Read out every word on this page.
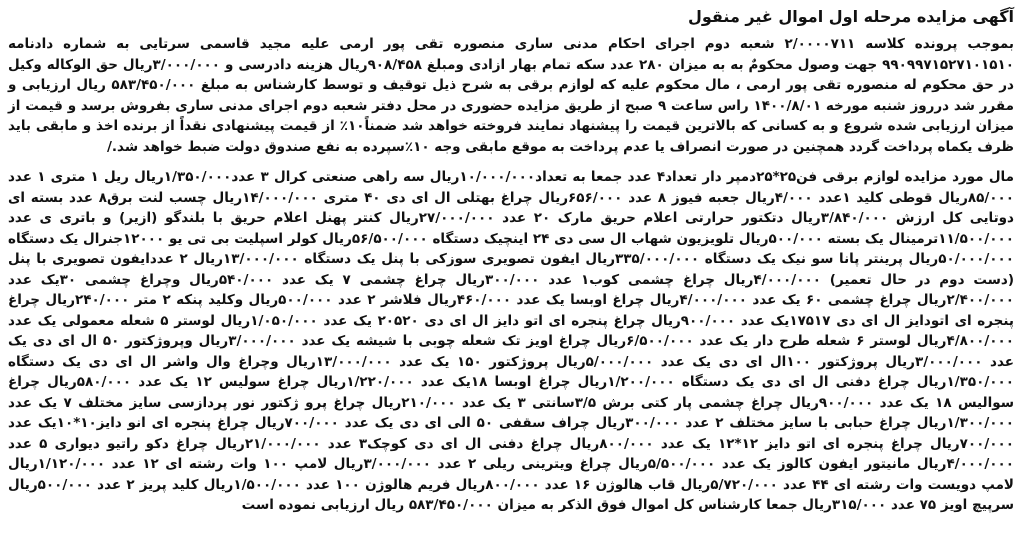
آگهی مزایده مرحله اول اموال غیر منقول

بموجب پرونده کلاسه ۲/۰۰۰۰۷۱۱ شعبه دوم اجرای احکام مدنی ساری منصوره تقی پور ارمی علیه مجید قاسمی سرتایی به شماره دادنامه ۹۹۰۹۹۷۱۵۲۷۱۰۱۵۱۰ جهت وصول محکوم‌ٌ به به میزان ۲۸۰ عدد سکه تمام بهار ازادی ومبلغ ۹۰۸/۴۵۸ریال هزینه دادرسی و ۳/۰۰۰/۰۰۰ریال حق الوکاله وکیل در حق محکوم له منصوره تقی پور ارمی ، مال محکوم علیه که لوازم برقی به شرح ذیل توقیف و توسط کارشناس به مبلغ ۵۸۳/۴۵۰/۰۰۰ ریال ارزیابی و مقرر شد درروز شنبه مورخه ۱۴۰۰/۸/۰۱ راس ساعت ۹ صبح از طریق مزایده حضوری در محل دفتر شعبه دوم اجرای مدنی ساری بفروش برسد و قیمت از میزان ارزیابی شده شروع و به کسانی که بالاترین قیمت را پیشنهاد نمایند فروخته خواهد شد ضمناً۱۰٪ از قیمت پیشنهادی نقداً از برنده اخذ و مابقی باید ظرف یکماه پرداخت گردد همچنین در صورت انصراف یا عدم پرداخت به موقع مابقی وجه ۱۰٪سپرده به نفع صندوق دولت ضبط خواهد شد./

مال مورد مزایده لوازم برقی فن۲۵*۲۵دمپر دار تعداد۴ عدد جمعا به تعداد۱۰/۰۰۰/۰۰۰ریال سه راهی صنعتی کرال ۳ عدد۱/۳۵۰/۰۰۰ریال ریل ۱ متری ۱ عدد ۸۵/۰۰۰ریال قوطی کلید ۱عدد ۴/۰۰۰ریال جعبه فیوز ۸ عدد ۶۵۶/۰۰۰ریال چراغ بهتلی ال ای دی ۴۰ متری ۱۴/۰۰۰/۰۰۰ریال چسب لنت برق۸ عدد بسته ای دوتایی کل ارزش ۳/۸۴۰/۰۰۰ریال دتکتور حرارتی اعلام حریق مارک ۲۰ عدد ۲۷/۰۰۰/۰۰۰ریال کنتر پهنل اعلام حریق با بلندگو (ازیر) و باتری ی عدد ۱۱/۵۰۰/۰۰۰ترمینال یک بسته ۵۰۰/۰۰۰ریال تلویزیون شهاب ال سی دی ۲۴ اینچیک دستگاه ۵۶/۵۰۰/۰۰۰ریال کولر اسپلیت بی تی یو ۱۲۰۰۰جنرال یک دستگاه ۵۰/۰۰۰/۰۰۰ریال پرینتر پانا سو نیک یک دستگاه ۳۳۵/۰۰۰/۰۰۰ریال ایفون تصویری سوزکی با پنل یک دستگاه ۱۳/۰۰۰/۰۰۰ریال ۲ عددایفون تصویری با پنل (دست دوم در حال تعمیر) ۴/۰۰۰/۰۰۰ریال چراغ چشمی کوب۱ عدد ۳۰۰/۰۰۰ریال چراغ چشمی ۷ یک عدد ۵۴۰/۰۰۰ریال وچراغ چشمی ۳۰یک عدد ۲/۴۰۰/۰۰۰ریال چراغ چشمی ۶۰ یک عدد ۴/۰۰۰/۰۰۰ریال چراغ اوبسا یک عدد ۴۶۰/۰۰۰ریال فلاشر ۲ عدد ۵۰۰/۰۰۰ریال وکلید پنکه ۲ متر ۲۴۰/۰۰۰ریال چراغ پنجره ای اتودایز ال ای دی ۱۷۵۱۷یک عدد ۹۰۰/۰۰۰ریال چراغ پنجره ای اتو دایز ال ای دی ۲۰۵۲۰ یک عدد ۱/۰۵۰/۰۰۰ریال لوستر ۵ شعله معمولی یک عدد ۴/۸۰۰/۰۰۰ریال لوستر ۶ شعله طرح دار یک عدد ۶/۵۰۰/۰۰۰ریال چراغ اویز تک شعله چوبی با شیشه یک عدد ۳/۰۰۰/۰۰۰ریال وپروژکتور ۵۰ ال ای دی یک عدد ۳/۰۰۰/۰۰۰ریال پروژکتور ۱۰۰ال ای دی یک عدد ۵/۰۰۰/۰۰۰ریال پروژکتور ۱۵۰ یک عدد ۱۳/۰۰۰/۰۰۰ریال وچراغ وال واشر ال ای دی یک دستگاه ۱/۳۵۰/۰۰۰ریال چراغ دفنی ال ای دی یک دستگاه ۱/۲۰۰/۰۰۰ریال چراغ اوبسا ۱۸یک عدد ۱/۲۲۰/۰۰۰ریال چراغ سولیس ۱۲ یک عدد ۵۸۰/۰۰۰ریال چراغ سوالیس ۱۸ یک عدد ۹۰۰/۰۰۰ریال چراغ چشمی پار کتی برش ۳/۵سانتی ۳ یک عدد ۲۱۰/۰۰۰ریال چراغ پرو ژکتور نور پردازسی سایز مختلف ۷ یک عدد ۱/۳۰۰/۰۰۰ریال چراغ حبابی با سایز مختلف ۲ عدد ۳۰۰/۰۰۰ریال چراف سقفی ۵۰ الی ای دی یک عدد ۷۰۰/۰۰۰ریال چراغ پنجره ای انو دایز۱۰*۱۰یک عدد ۷۰۰/۰۰۰ریال چراغ پنجره ای اتو دایز ۱۲*۱۲ یک عدد ۸۰۰/۰۰۰ریال چراغ دفنی ال ای دی کوچک۳ عدد ۲۱/۰۰۰/۰۰۰ریال چراغ دکو راتیو دیواری ۵ عدد ۴/۰۰۰/۰۰۰ریال مانیتور ایفون کالوز یک عدد ۵/۵۰۰/۰۰۰ریال چراغ ویترینی ریلی ۲ عدد ۳/۰۰۰/۰۰۰ریال لامپ ۱۰۰ وات رشته ای ۱۲ عدد ۱/۱۲۰/۰۰۰ریال لامپ دویست وات رشته ای ۴۴ عدد ۵/۷۲۰/۰۰۰ریال قاب هالوژن ۱۶ عدد ۸۰۰/۰۰۰ریال فریم هالوژن ۱۰۰ عدد ۱/۵۰۰/۰۰۰ریال کلید پریز ۲ عدد ۵۰۰/۰۰۰ریال سرپیچ اویز ۷۵ عدد ۳۱۵/۰۰۰ریال جمعا کارشناس کل اموال فوق الذکر به میزان ۵۸۳/۴۵۰/۰۰۰ ریال ارزیابی نموده است
